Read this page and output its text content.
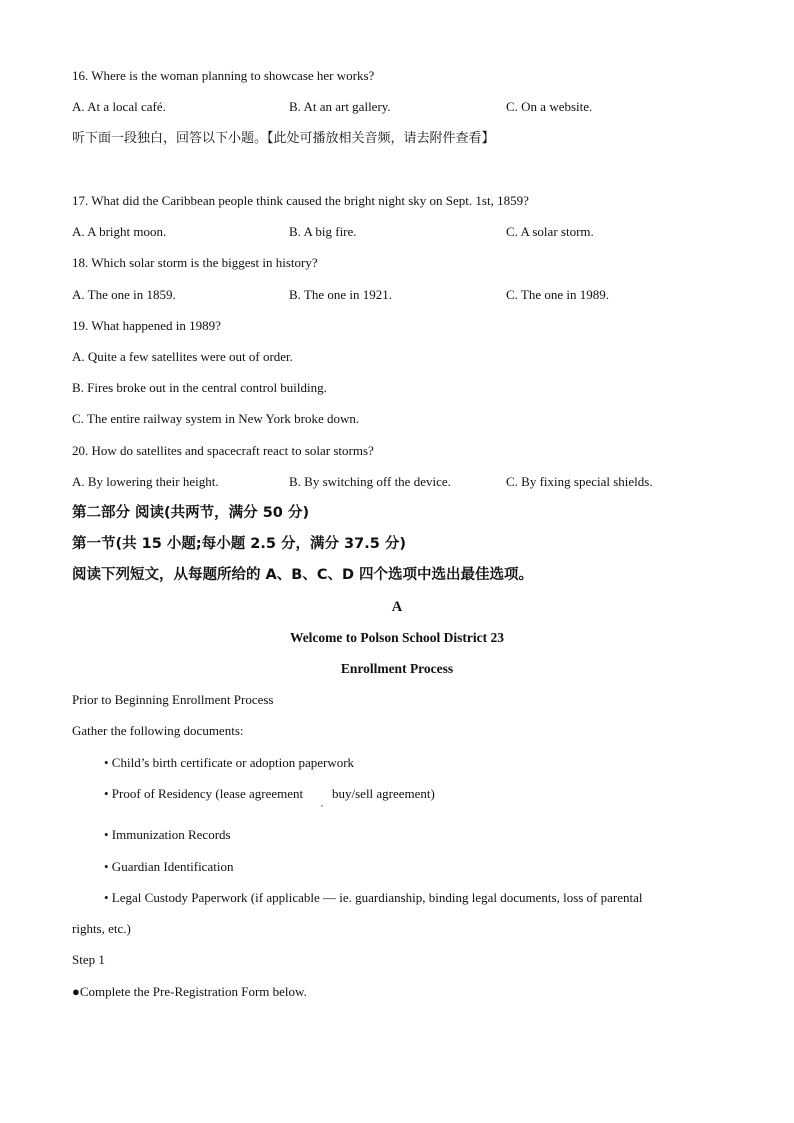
16. Where is the woman planning to showcase her works?
A. At a local café.	B. At an art gallery.	C. On a website.
听下面一段独白，回答以下小题。【此处可播放相关音频，请去附件查看】
17. What did the Caribbean people think caused the bright night sky on Sept. 1st, 1859?
A. A bright moon.	B. A big fire.	C. A solar storm.
18. Which solar storm is the biggest in history?
A. The one in 1859.	B. The one in 1921.	C. The one in 1989.
19. What happened in 1989?
A. Quite a few satellites were out of order.
B. Fires broke out in the central control building.
C. The entire railway system in New York broke down.
20. How do satellites and spacecraft react to solar storms?
A. By lowering their height.	B. By switching off the device.	C. By fixing special shields.
第二部分 阅读(共两节，满分 50 分)
第一节(共 15 小题;每小题 2.5 分，满分 37.5 分)
阅读下列短文，从每题所给的 A、B、C、D 四个选项中选出最佳选项。
A
Welcome to Polson School District 23
Enrollment Process
Prior to Beginning Enrollment Process
Gather the following documents:
• Child’s birth certificate or adoption paperwork
• Proof of Residency (lease agreement
,
buy/sell agreement)
• Immunization Records
• Guardian Identification
• Legal Custody Paperwork (if applicable — ie. guardianship, binding legal documents, loss of parental
rights, etc.)
Step 1
●Complete the Pre-Registration Form below.
